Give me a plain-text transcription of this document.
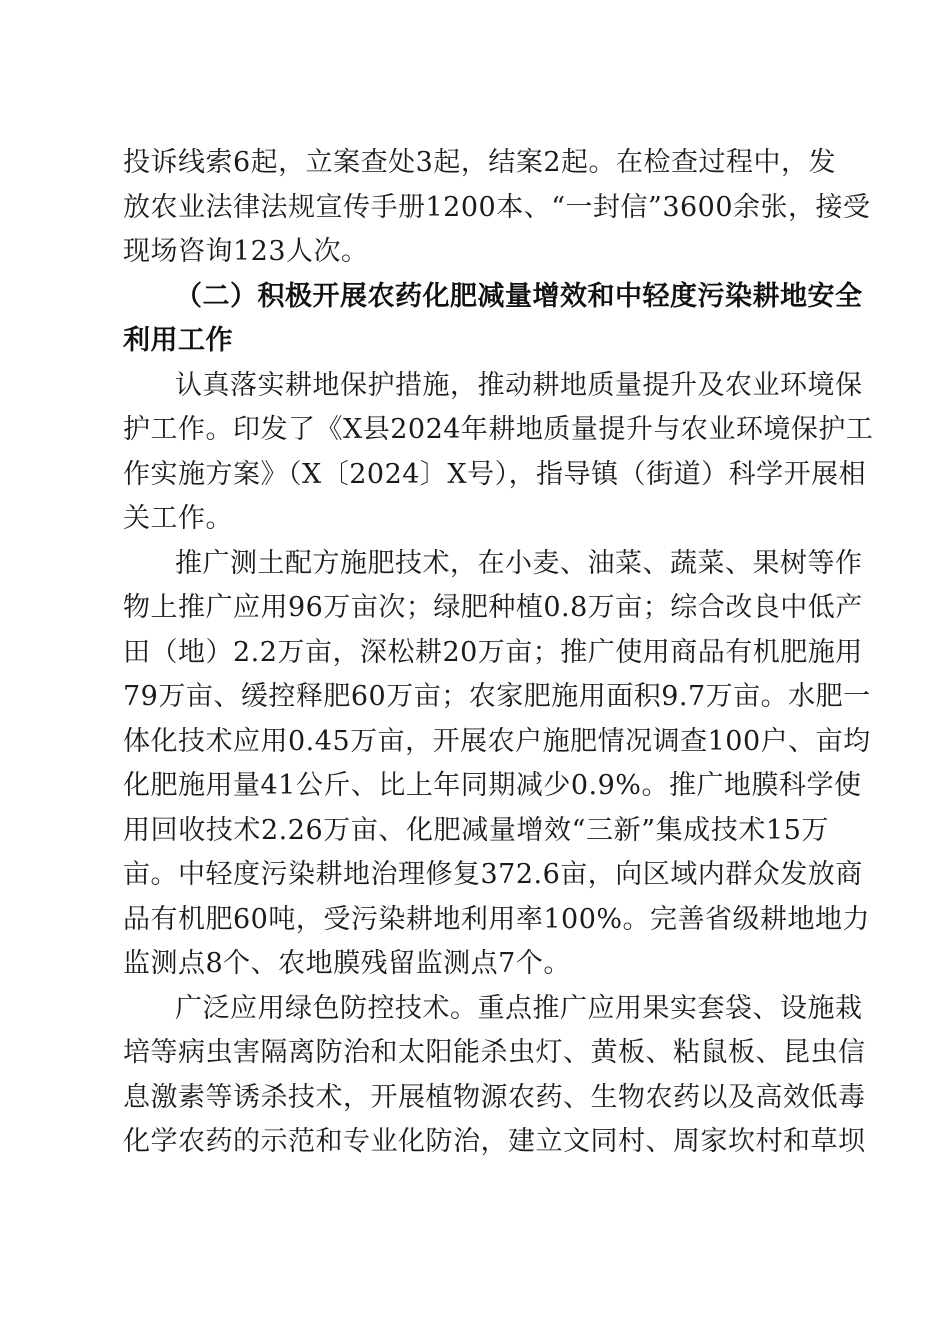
投诉线索6起，立案查处3起，结案2起。在检查过程中，发
放农业法律法规宣传手册1200本、“一封信”3600余张，接受
现场咨询123人次。
（二）积极开展农药化肥减量增效和中轻度污染耕地安全
利用工作
认真落实耕地保护措施，推动耕地质量提升及农业环境保
护工作。印发了《X县2024年耕地质量提升与农业环境保护工
作实施方案》（X〔2024〕X号），指导镇（街道）科学开展相
关工作。
推广测土配方施肥技术，在小麦、油菜、蔬菜、果树等作
物上推广应用96万亩次；绿肥种植0.8万亩；综合改良中低产
田（地）2.2万亩，深松耕20万亩；推广使用商品有机肥施用
79万亩、缓控释肥60万亩；农家肥施用面积9.7万亩。水肥一
体化技术应用0.45万亩，开展农户施肥情况调查100户、亩均
化肥施用量41公斤、比上年同期减少0.9%。推广地膜科学使
用回收技术2.26万亩、化肥减量增效“三新”集成技术15万
亩。中轻度污染耕地治理修复372.6亩，向区域内群众发放商
品有机肥60吨，受污染耕地利用率100%。完善省级耕地地力
监测点8个、农地膜残留监测点7个。
广泛应用绿色防控技术。重点推广应用果实套袋、设施栽
培等病虫害隔离防治和太阳能杀虫灯、黄板、粘鼠板、昆虫信
息激素等诱杀技术，开展植物源农药、生物农药以及高效低毒
化学农药的示范和专业化防治，建立文同村、周家坎村和草坝
